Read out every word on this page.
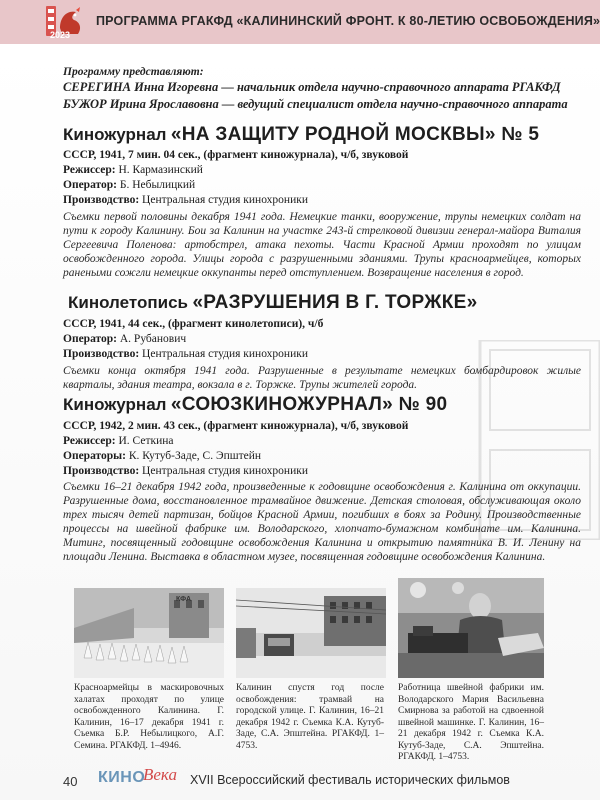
2023
ПРОГРАММА РГАКФД «КАЛИНИНСКИЙ ФРОНТ. К 80-ЛЕТИЮ ОСВОБОЖДЕНИЯ»
Программу представляют:
СЕРЕГИНА Инна Игоревна — начальник отдела научно-справочного аппарата РГАКФД
БУЖОР Ирина Ярославовна — ведущий специалист отдела научно-справочного аппарата
Киножурнал «НА ЗАЩИТУ РОДНОЙ МОСКВЫ» № 5
СССР, 1941, 7 мин. 04 сек., (фрагмент киножурнала), ч/б, звуковой
Режиссер: Н. Кармазинский
Оператор: Б. Небылицкий
Производство: Центральная студия кинохроники
Съемки первой половины декабря 1941 года. Немецкие танки, вооружение, трупы немецких солдат на пути к городу Калинину. Бои за Калинин на участке 243-й стрелковой дивизии генерал-майора Виталия Сергеевича Поленова: артобстрел, атака пехоты. Части Красной Армии проходят по улицам освобожденного города. Улицы города с разрушенными зданиями. Трупы красноармейцев, которых ранеными сожгли немецкие оккупанты перед отступлением. Возвращение населения в город.
Кинолетопись «РАЗРУШЕНИЯ В Г. ТОРЖКЕ»
СССР, 1941, 44 сек., (фрагмент кинолетописи), ч/б
Оператор: А. Рубанович
Производство: Центральная студия кинохроники
Съемки конца октября 1941 года. Разрушенные в результате немецких бомбардировок жилые кварталы, здания театра, вокзала в г. Торжке. Трупы жителей города.
Киножурнал «СОЮЗКИНОЖУРНАЛ» № 90
СССР, 1942, 2 мин. 43 сек., (фрагмент киножурнала), ч/б, звуковой
Режиссер: И. Сеткина
Операторы: К. Кутуб-Заде, С. Эпштейн
Производство: Центральная студия кинохроники
Съемки 16–21 декабря 1942 года, произведенные к годовщине освобождения г. Калинина от оккупации. Разрушенные дома, восстановленное трамвайное движение. Детская столовая, обслуживающая около трех тысяч детей партизан, бойцов Красной Армии, погибших в боях за Родину. Производственные процессы на швейной фабрике им. Володарского, хлопчато-бумажном комбинате им. Калинина. Митинг, посвященный годовщине освобождения Калинина и открытию памятника В. И. Ленину на площади Ленина. Выставка в областном музее, посвященная годовщине освобождения Калинина.
КФА
Красноармейцы в маскировочных халатах проходят по улице освобожденного Калинина. Г. Калинин, 16–17 декабря 1941 г. Съемка Б.Р. Небылицкого, А.Г. Семина. РГАКФД. 1–4946.
Калинин спустя год после освобождения: трамвай на городской улице. Г. Калинин, 16–21 декабря 1942 г. Съемка К.А. Кутуб-Заде, С.А. Эпштейна. РГАКФД. 1–4753.
Работница швейной фабрики им. Володарского Мария Васильевна Смирнова за работой на сдвоенной швейной машинке. Г. Калинин, 16–21 декабря 1942 г. Съемка К.А. Кутуб-Заде, С.А. Эпштейна. РГАКФД. 1–4753.
40 КИНО
Века XVII Всероссийский фестиваль исторических фильмов
